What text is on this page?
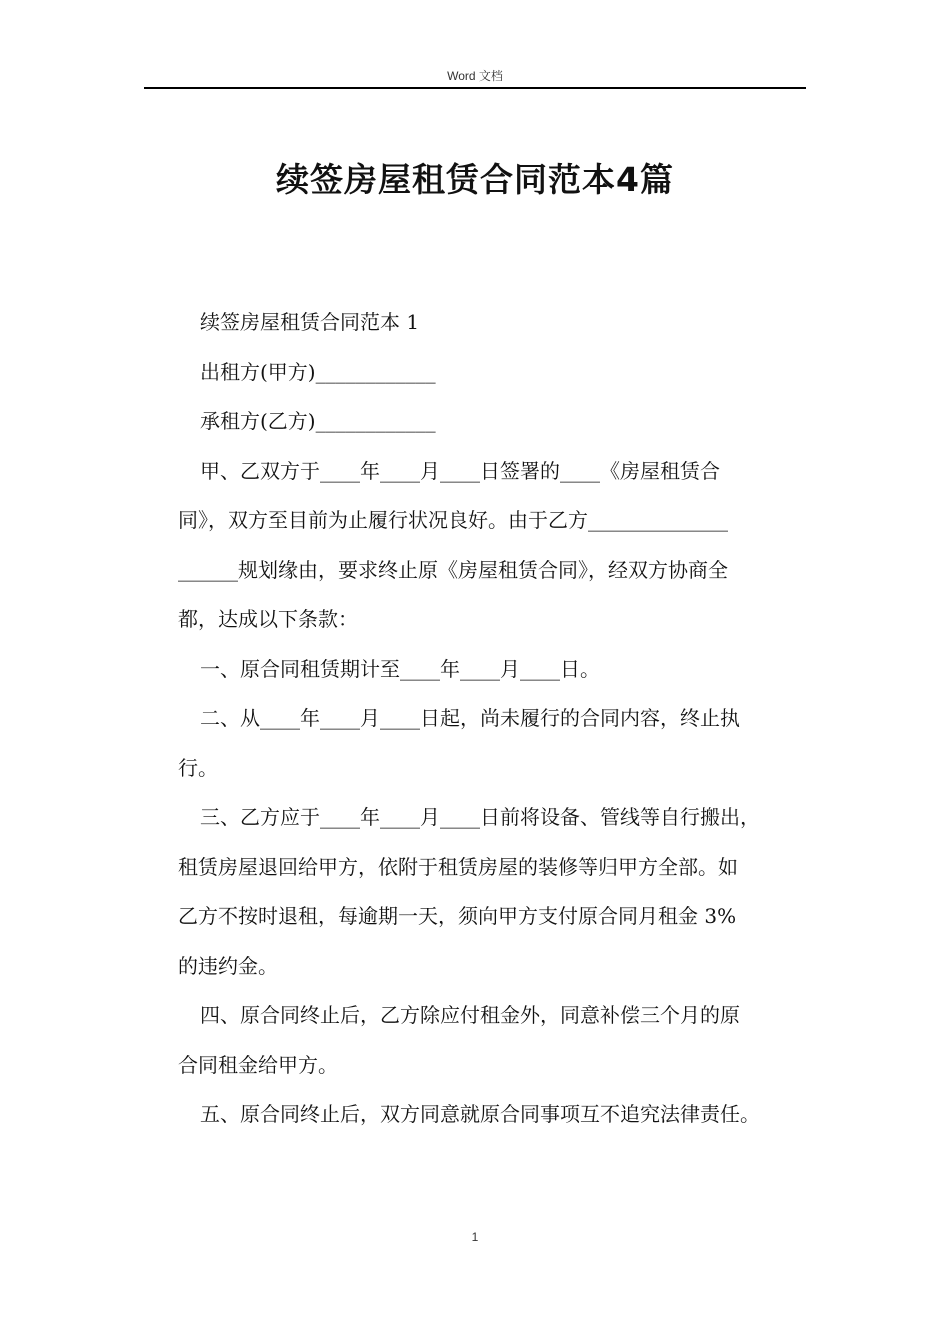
Word 文档
续签房屋租赁合同范本4篇

续签房屋租赁合同范本 1

出租方(甲方)____________

承租方(乙方)____________

甲、乙双方于____年____月____日签署的____《房屋租赁合

同》，双方至目前为止履行状况良好。由于乙方______________

______规划缘由，要求终止原《房屋租赁合同》，经双方协商全

都，达成以下条款：

一、原合同租赁期计至____年____月____日。

二、从____年____月____日起，尚未履行的合同内容，终止执

行。

三、乙方应于____年____月____日前将设备、管线等自行搬出，

租赁房屋退回给甲方，依附于租赁房屋的装修等归甲方全部。如

乙方不按时退租，每逾期一天，须向甲方支付原合同月租金 3%

的违约金。

四、原合同终止后，乙方除应付租金外，同意补偿三个月的原

合同租金给甲方。

五、原合同终止后，双方同意就原合同事项互不追究法律责任。

1
